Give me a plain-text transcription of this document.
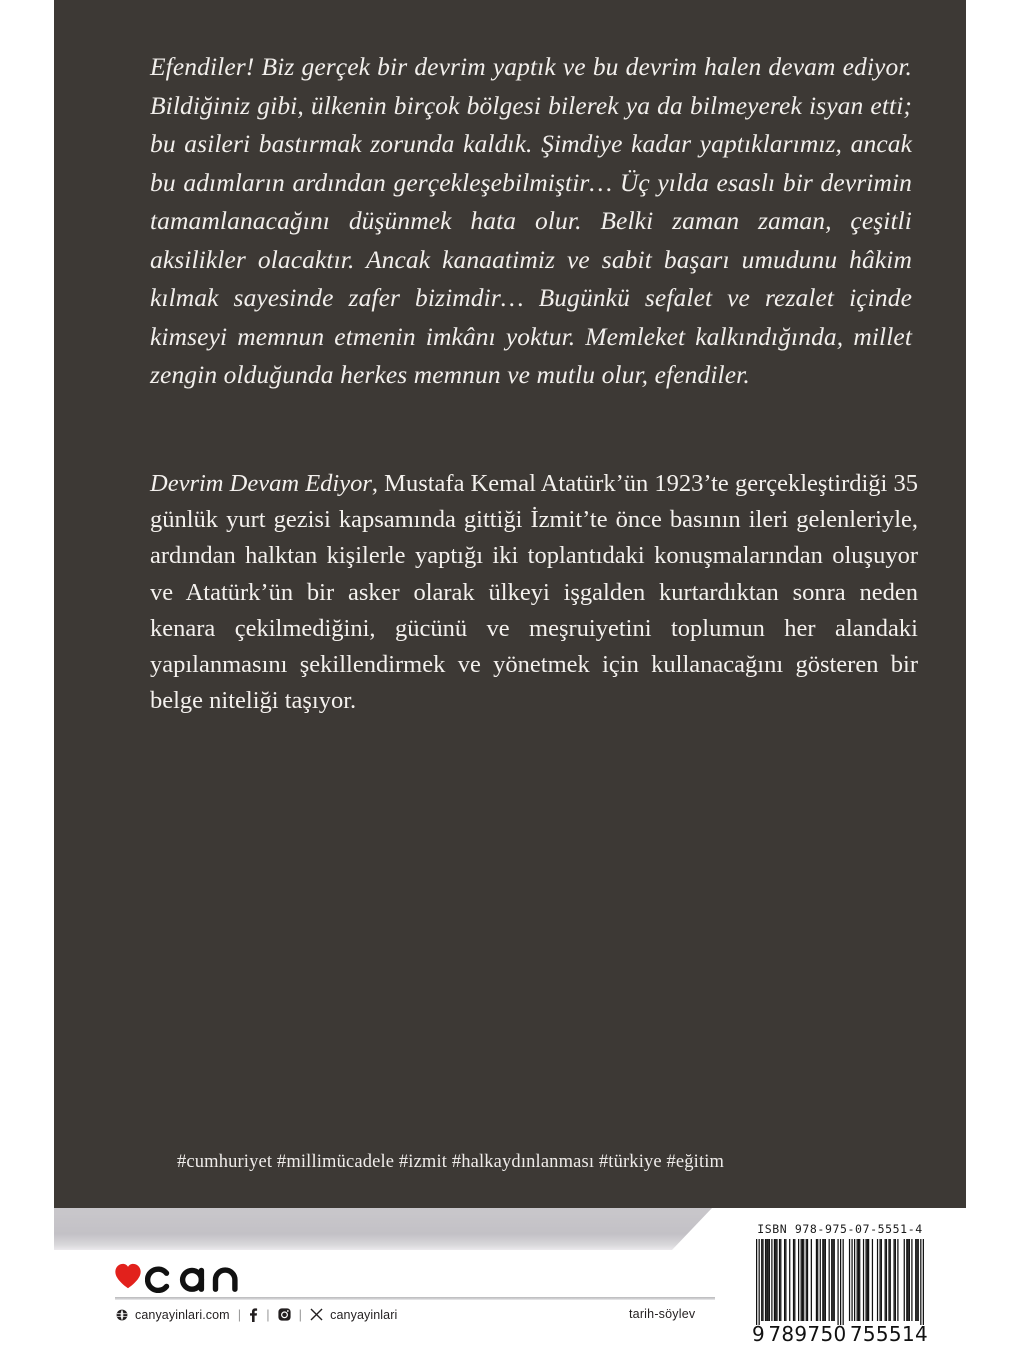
Efendiler! Biz gerçek bir devrim yaptık ve bu devrim halen devam ediyor. Bildiğiniz gibi, ülkenin birçok bölgesi bilerek ya da bilmeyerek isyan etti; bu asileri bastırmak zorunda kaldık. Şimdiye kadar yaptıklarımız, ancak bu adımların ardından gerçekleşebilmiştir… Üç yılda esaslı bir devrimin tamamlanacağını düşünmek hata olur. Belki zaman zaman, çeşitli aksilikler olacaktır. Ancak kanaatimiz ve sabit başarı umudunu hâkim kılmak sayesinde zafer bizimdir… Bugünkü sefalet ve rezalet içinde kimseyi memnun etmenin imkânı yoktur. Memleket kalkındığında, millet zengin olduğunda herkes memnun ve mutlu olur, efendiler.

Devrim Devam Ediyor, Mustafa Kemal Atatürk’ün 1923’te gerçekleştirdiği 35 günlük yurt gezisi kapsamında gittiği İzmit’te önce basının ileri gelenleriyle, ardından halktan kişilerle yaptığı iki toplantıdaki konuşmalarından oluşuyor ve Atatürk’ün bir asker olarak ülkeyi işgalden kurtardıktan sonra neden kenara çekilmediğini, gücünü ve meşruiyetini toplumun her alandaki yapılanmasını şekillendirmek ve yönetmek için kullanacağını gösteren bir belge niteliği taşıyor.

#cumhuriyet #millimücadele #izmit #halkaydınlanması #türkiye #eğitim
canyayinlari.com | | | canyayinlari	tarih-söylev
ISBN 978-975-07-5551-4
9 789750 755514
